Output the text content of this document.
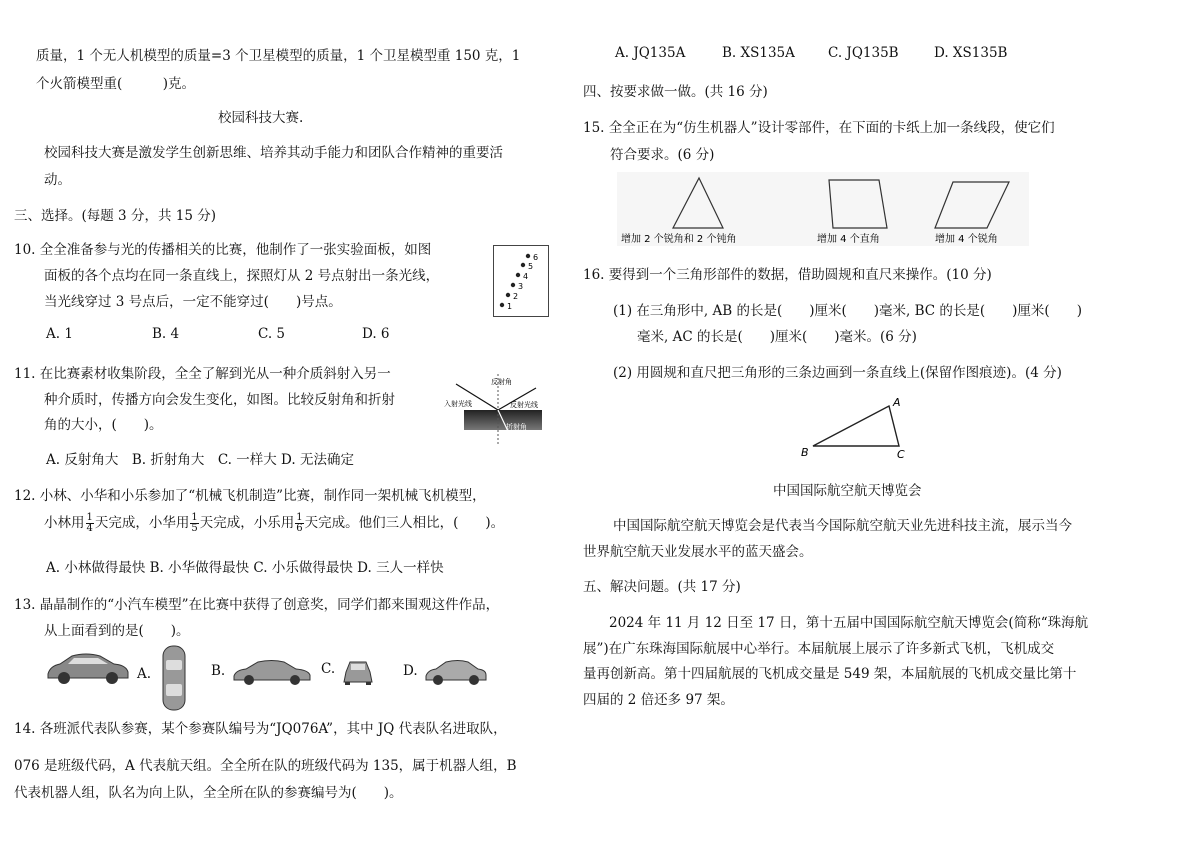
质量，1 个无人机模型的质量=3 个卫星模型的质量，1 个卫星模型重 150 克，1
个火箭模型重(　　　)克。
校园科技大赛.
校园科技大赛是激发学生创新思维、培养其动手能力和团队合作精神的重要活
动。
三、选择。(每题 3 分，共 15 分)
10. 全全准备参与光的传播相关的比赛，他制作了一张实验面板，如图
面板的各个点均在同一条直线上，探照灯从 2 号点射出一条光线，
当光线穿过 3 号点后，一定不能穿过(　　)号点。
A. 1	B. 4	C. 5	D. 6
1
2
3
4
5
6
11. 在比赛素材收集阶段，全全了解到光从一种介质斜射入另一
种介质时，传播方向会发生变化，如图。比较反射角和折射
角的大小，(　　)。
A. 反射角大　B. 折射角大　C. 一样大 D. 无法确定
入射光线
反射角
反射光线
折射角
12. 小林、小华和小乐参加了“机械飞机制造”比赛，制作同一架机械飞机模型，
小林用 $\frac{1}{4}$ 天完成，小华用 $\frac{1}{5}$ 天完成，小乐用 $\frac{1}{6}$ 天完成。他们三人相比，(　　)。
A. 小林做得最快 B. 小华做得最快 C. 小乐做得最快 D. 三人一样快
13. 晶晶制作的“小汽车模型”在比赛中获得了创意奖，同学们都来围观这件作品，
从上面看到的是(　　)。
A.	B.	C.	D.
14. 各班派代表队参赛，某个参赛队编号为“JQ076A”，其中 JQ 代表队名进取队，
076 是班级代码，A 代表航天组。全全所在队的班级代码为 135，属于机器人组，B
代表机器人组，队名为向上队，全全所在队的参赛编号为(　　)。
A. JQ135A	B. XS135A C. JQ135B	D. XS135B
四、按要求做一做。(共 16 分)
15. 全全正在为“仿生机器人”设计零部件，在下面的卡纸上加一条线段，使它们
符合要求。(6 分)
增加 2 个锐角和 2 个钝角	增加 4 个直角	增加 4 个锐角
16. 要得到一个三角形部件的数据，借助圆规和直尺来操作。(10 分)
(1) 在三角形中, AB 的长是(　　)厘米(　　)毫米, BC 的长是(　　)厘米(　　)
毫米, AC 的长是(　　)厘米(　　)毫米。(6 分)
(2) 用圆规和直尺把三角形的三条边画到一条直线上(保留作图痕迹)。(4 分)
A
B	C
中国国际航空航天博览会
中国国际航空航天博览会是代表当今国际航空航天业先进科技主流，展示当今
世界航空航天业发展水平的蓝天盛会。
五、解决问题。(共 17 分)
2024 年 11 月 12 日至 17 日，第十五届中国国际航空航天博览会(简称“珠海航
展”)在广东珠海国际航展中心举行。本届航展上展示了许多新式飞机，飞机成交
量再创新高。第十四届航展的飞机成交量是 549 架，本届航展的飞机成交量比第十
四届的 2 倍还多 97 架。
